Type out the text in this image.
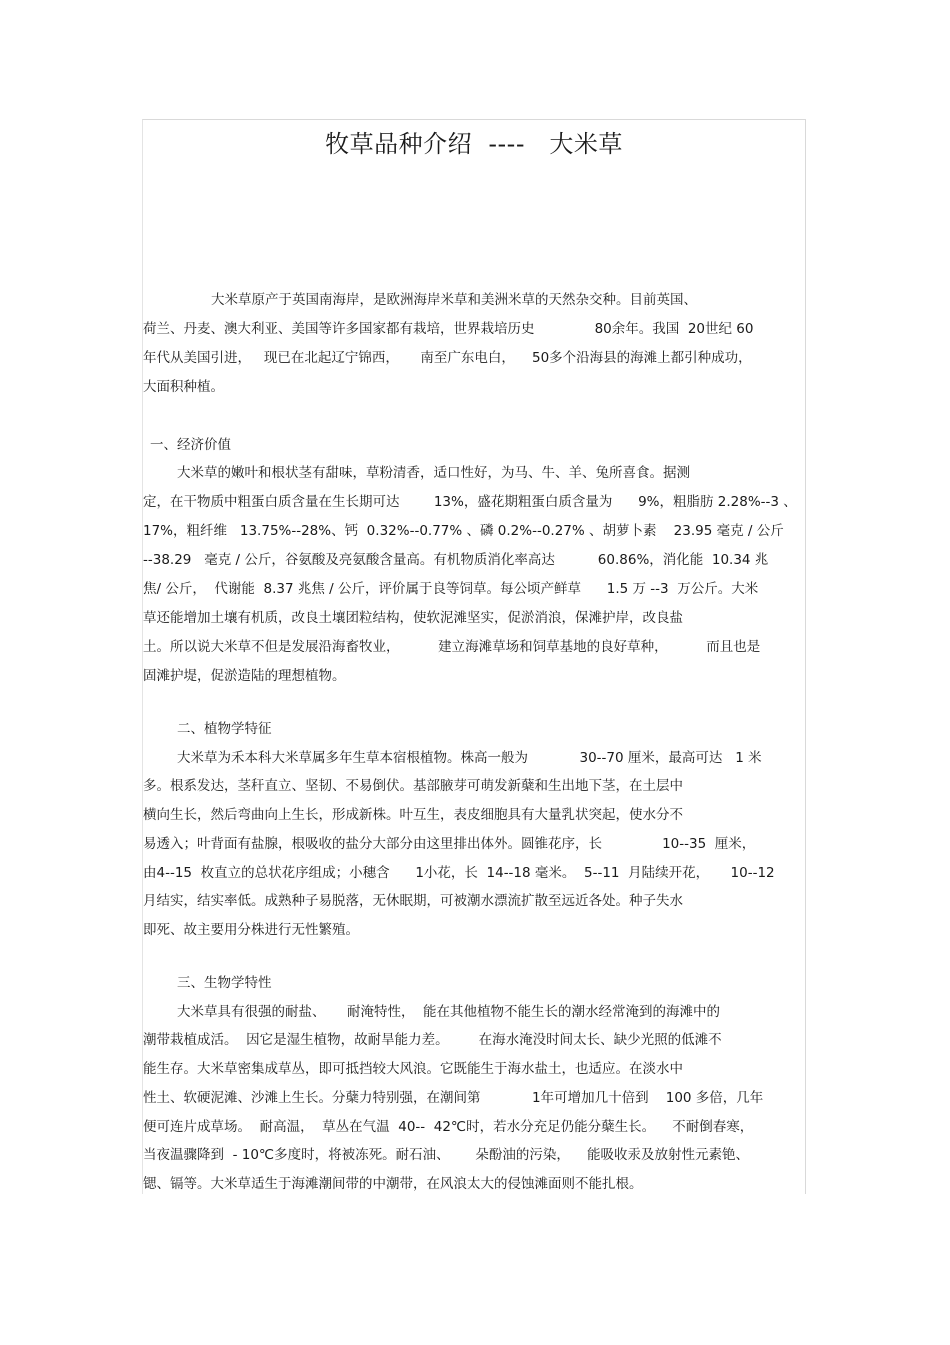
牧草品种介绍  ----   大米草

大米草原产于英国南海岸，是欧洲海岸米草和美洲米草的天然杂交种。目前英国、

荷兰、丹麦、澳大利亚、美国等许多国家都有栽培，世界栽培历史              80余年。我国  20世纪 60

年代从美国引进，   现已在北起辽宁锦西，     南至广东电白，    50多个沿海县的海滩上都引种成功，

大面积种植。

一、经济价值

大米草的嫩叶和根状茎有甜味，草粉清香，适口性好，为马、牛、羊、兔所喜食。据测

定，在干物质中粗蛋白质含量在生长期可达        13%，盛花期粗蛋白质含量为      9%，粗脂肪 2.28%--3 、

17%，粗纤维   13.75%--28%、钙  0.32%--0.77% 、磷 0.2%--0.27% 、胡萝卜素    23.95 毫克 / 公斤

--38.29   毫克 / 公斤，谷氨酸及亮氨酸含量高。有机物质消化率高达          60.86%，消化能  10.34 兆

焦/ 公斤，  代谢能  8.37 兆焦 / 公斤，评价属于良等饲草。每公顷产鲜草      1.5 万 --3  万公斤。大米

草还能增加土壤有机质，改良土壤团粒结构，使软泥滩坚实，促淤消浪，保滩护岸，改良盐

土。所以说大米草不但是发展沿海畜牧业，         建立海滩草场和饲草基地的良好草种，         而且也是

固滩护堤，促淤造陆的理想植物。

二、植物学特征

大米草为禾本科大米草属多年生草本宿根植物。株高一般为            30--70 厘米，最高可达   1 米

多。根系发达，茎秆直立、坚韧、不易倒伏。基部腋芽可萌发新蘖和生出地下茎，在土层中

横向生长，然后弯曲向上生长，形成新株。叶互生，表皮细胞具有大量乳状突起，使水分不

易透入；叶背面有盐腺，根吸收的盐分大部分由这里排出体外。圆锥花序，长              10--35  厘米，

由4--15  枚直立的总状花序组成；小穗含      1小花，长  14--18 毫米。  5--11  月陆续开花，     10--12

月结实，结实率低。成熟种子易脱落，无休眠期，可被潮水漂流扩散至远近各处。种子失水

即死、故主要用分株进行无性繁殖。

三、生物学特性

大米草具有很强的耐盐、     耐淹特性，  能在其他植物不能生长的潮水经常淹到的海滩中的

潮带栽植成活。  因它是湿生植物，故耐旱能力差。       在海水淹没时间太长、缺少光照的低滩不

能生存。大米草密集成草丛，即可抵挡较大风浪。它既能生于海水盐土，也适应。在淡水中

性土、软硬泥滩、沙滩上生长。分蘖力特别强，在潮间第            1年可增加几十倍到    100 多倍，几年

便可连片成草场。  耐高温，  草丛在气温  40--  42℃时，若水分充足仍能分蘖生长。    不耐倒春寒，

当夜温骤降到  - 10℃多度时，将被冻死。耐石油、      朵酚油的污染，    能吸收汞及放射性元素铯、

锶、镉等。大米草适生于海滩潮间带的中潮带，在风浪太大的侵蚀滩面则不能扎根。
